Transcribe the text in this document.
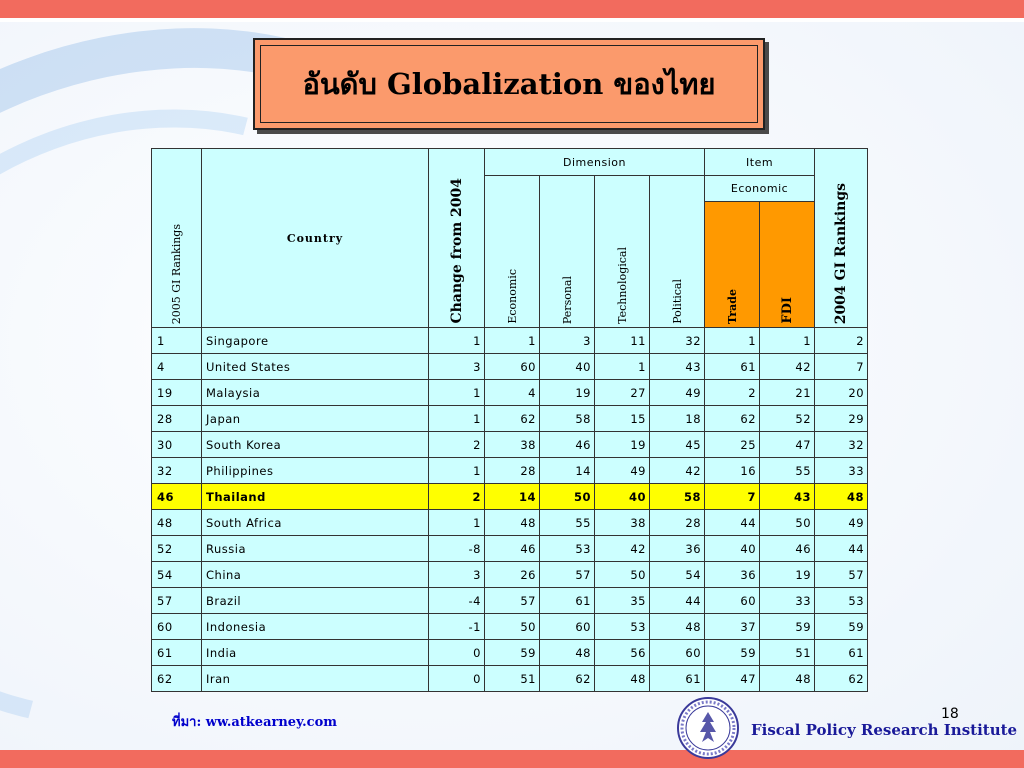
อันดับ Globalization ของไทย
2005 GI Rankings	Country	Change from 2004	Dimension				Item		2004 GI Rankings
			Economic	Personal	Technological	Political	Economic		
							Trade	FDI	
1	Singapore	1	1	3	11	32	1	1	2
4	United States	3	60	40	1	43	61	42	7
19	Malaysia	1	4	19	27	49	2	21	20
28	Japan	1	62	58	15	18	62	52	29
30	South Korea	2	38	46	19	45	25	47	32
32	Philippines	1	28	14	49	42	16	55	33
46	Thailand	2	14	50	40	58	7	43	48
48	South Africa	1	48	55	38	28	44	50	49
52	Russia	-8	46	53	42	36	40	46	44
54	China	3	26	57	50	54	36	19	57
57	Brazil	-4	57	61	35	44	60	33	53
60	Indonesia	-1	50	60	53	48	37	59	59
61	India	0	59	48	56	60	59	51	61
62	Iran	0	51	62	48	61	47	48	62
ที่มา: ww.atkearney.com
18
Fiscal Policy Research Institute
